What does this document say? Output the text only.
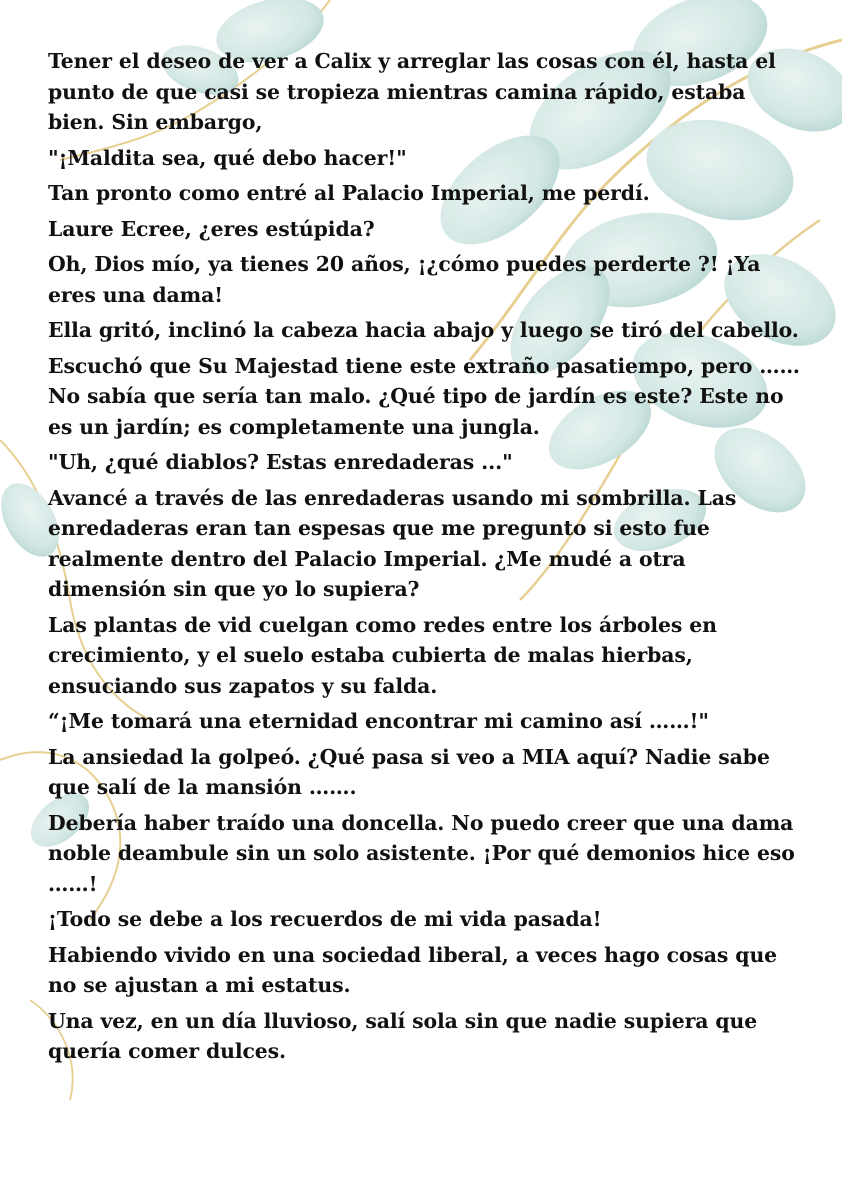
Tener el deseo de ver a Calix y arreglar las cosas con él, hasta el punto de que casi se tropieza mientras camina rápido, estaba bien. Sin embargo,

"¡Maldita sea, qué debo hacer!"

Tan pronto como entré al Palacio Imperial, me perdí.

Laure Ecree, ¿eres estúpida?

Oh, Dios mío, ya tienes 20 años, ¡¿cómo puedes perderte ?! ¡Ya eres una dama!

Ella gritó, inclinó la cabeza hacia abajo y luego se tiró del cabello.

Escuchó que Su Majestad tiene este extraño pasatiempo, pero …… No sabía que sería tan malo. ¿Qué tipo de jardín es este? Este no es un jardín; es completamente una jungla.

"Uh, ¿qué diablos? Estas enredaderas ..."

Avancé a través de las enredaderas usando mi sombrilla. Las enredaderas eran tan espesas que me pregunto si esto fue realmente dentro del Palacio Imperial. ¿Me mudé a otra dimensión sin que yo lo supiera?

Las plantas de vid cuelgan como redes entre los árboles en crecimiento, y el suelo estaba cubierta de malas hierbas, ensuciando sus zapatos y su falda.

“¡Me tomará una eternidad encontrar mi camino así ……!"

La ansiedad la golpeó. ¿Qué pasa si veo a MIA aquí? Nadie sabe que salí de la mansión …….

Debería haber traído una doncella. No puedo creer que una dama noble deambule sin un solo asistente. ¡Por qué demonios hice eso ……!

¡Todo se debe a los recuerdos de mi vida pasada!

Habiendo vivido en una sociedad liberal, a veces hago cosas que no se ajustan a mi estatus.

Una vez, en un día lluvioso, salí sola sin que nadie supiera que quería comer dulces.
